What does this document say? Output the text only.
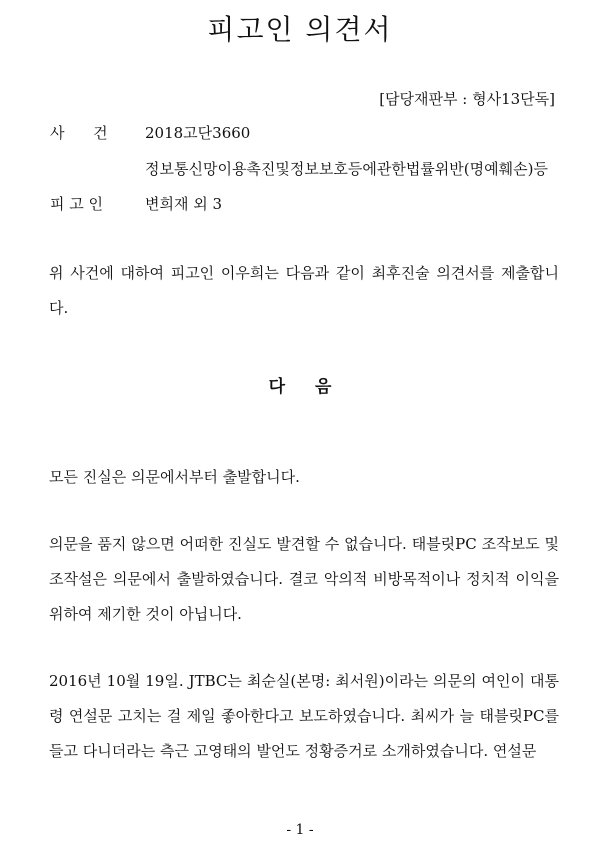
피고인 의견서

[담당재판부 : 형사13단독]

사      건 2018고단3660

정보통신망이용촉진및정보보호등에관한법률위반(명예훼손)등

피 고 인	변희재 외 3

위 사건에 대하여 피고인 이우희는 다음과 같이 최후진술 의견서를 제출합니다.

다 음

모든 진실은 의문에서부터 출발합니다.

의문을 품지 않으면 어떠한 진실도 발견할 수 없습니다. 태블릿PC 조작보도 및 조작설은 의문에서 출발하였습니다. 결코 악의적 비방목적이나 정치적 이익을 위하여 제기한 것이 아닙니다.

2016년 10월 19일. JTBC는 최순실(본명: 최서원)이라는 의문의 여인이 대통령 연설문 고치는 걸 제일 좋아한다고 보도하였습니다. 최씨가 늘 태블릿PC를 들고 다니더라는 측근 고영태의 발언도 정황증거로 소개하였습니다. 연설문

- 1 -
